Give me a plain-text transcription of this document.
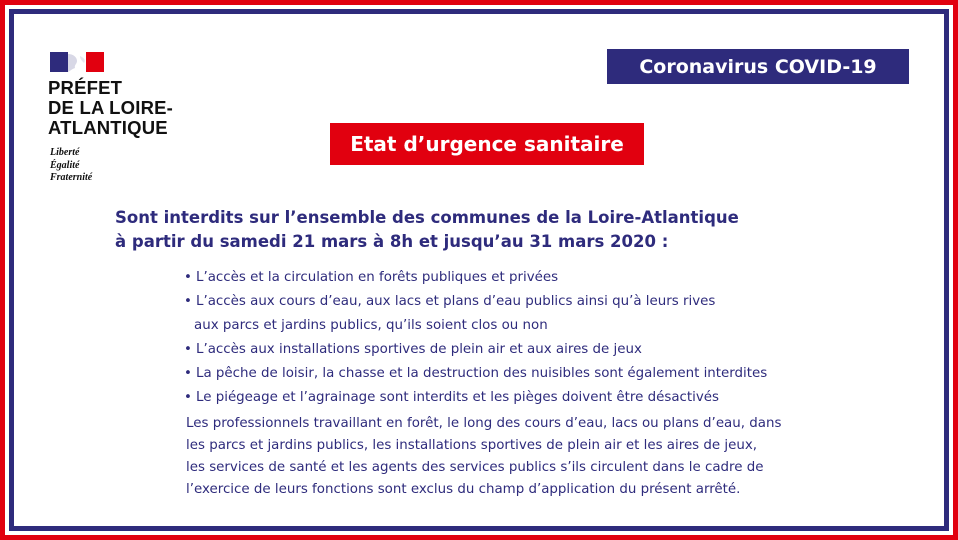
PRÉFET
DE LA LOIRE-
ATLANTIQUE
Liberté
Égalité
Fraternité
Coronavirus COVID-19
Etat d’urgence sanitaire
Sont interdits sur l’ensemble des communes de la Loire-Atlantique
à partir du samedi 21 mars à 8h et jusqu’au 31 mars 2020 :
• L’accès et la circulation en forêts publiques et privées
• L’accès aux cours d’eau, aux lacs et plans d’eau publics ainsi qu’à leurs rives
aux parcs et jardins publics, qu’ils soient clos ou non
• L’accès aux installations sportives de plein air et aux aires de jeux
• La pêche de loisir, la chasse et la destruction des nuisibles sont également interdites
• Le piégeage et l’agrainage sont interdits et les pièges doivent être désactivés
Les professionnels travaillant en forêt, le long des cours d’eau, lacs ou plans d’eau, dans
les parcs et jardins publics, les installations sportives de plein air et les aires de jeux,
les services de santé et les agents des services publics s’ils circulent dans le cadre de
l’exercice de leurs fonctions sont exclus du champ d’application du présent arrêté.
